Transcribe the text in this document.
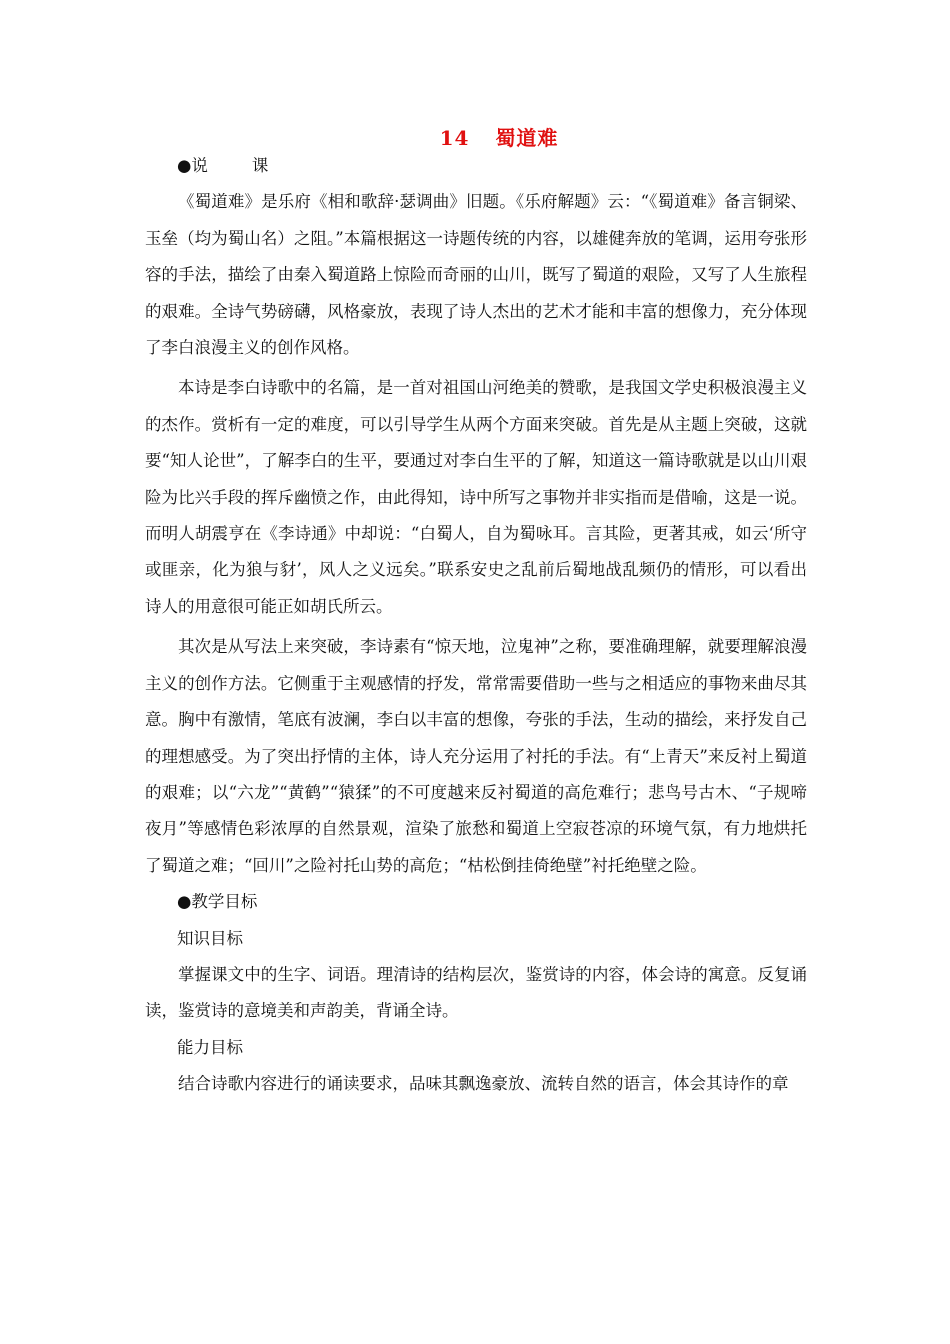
14 蜀道难
●说	课

《蜀道难》是乐府《相和歌辞·瑟调曲》旧题。《乐府解题》云：“《蜀道难》备言铜梁、玉垒（均为蜀山名）之阻。”本篇根据这一诗题传统的内容，以雄健奔放的笔调，运用夸张形容的手法，描绘了由秦入蜀道路上惊险而奇丽的山川，既写了蜀道的艰险，又写了人生旅程的艰难。全诗气势磅礴，风格豪放，表现了诗人杰出的艺术才能和丰富的想像力，充分体现了李白浪漫主义的创作风格。

本诗是李白诗歌中的名篇，是一首对祖国山河绝美的赞歌，是我国文学史积极浪漫主义的杰作。赏析有一定的难度，可以引导学生从两个方面来突破。首先是从主题上突破，这就要“知人论世”，了解李白的生平，要通过对李白生平的了解，知道这一篇诗歌就是以山川艰险为比兴手段的挥斥幽愤之作，由此得知，诗中所写之事物并非实指而是借喻，这是一说。而明人胡震亨在《李诗通》中却说：“白蜀人，自为蜀咏耳。言其险，更著其戒，如云‘所守或匪亲，化为狼与豺’，风人之义远矣。”联系安史之乱前后蜀地战乱频仍的情形，可以看出诗人的用意很可能正如胡氏所云。

其次是从写法上来突破，李诗素有“惊天地，泣鬼神”之称，要准确理解，就要理解浪漫主义的创作方法。它侧重于主观感情的抒发，常常需要借助一些与之相适应的事物来曲尽其意。胸中有激情，笔底有波澜，李白以丰富的想像，夸张的手法，生动的描绘，来抒发自己的理想感受。为了突出抒情的主体，诗人充分运用了衬托的手法。有“上青天”来反衬上蜀道的艰难；以“六龙”“黄鹤”“猿猱”的不可度越来反衬蜀道的高危难行；悲鸟号古木、“子规啼夜月”等感情色彩浓厚的自然景观，渲染了旅愁和蜀道上空寂苍凉的环境气氛，有力地烘托了蜀道之难；“回川”之险衬托山势的高危；“枯松倒挂倚绝壁”衬托绝壁之险。

●教学目标
知识目标

掌握课文中的生字、词语。理清诗的结构层次，鉴赏诗的内容，体会诗的寓意。反复诵读，鉴赏诗的意境美和声韵美，背诵全诗。

能力目标

结合诗歌内容进行的诵读要求，品味其飘逸豪放、流转自然的语言，体会其诗作的章
